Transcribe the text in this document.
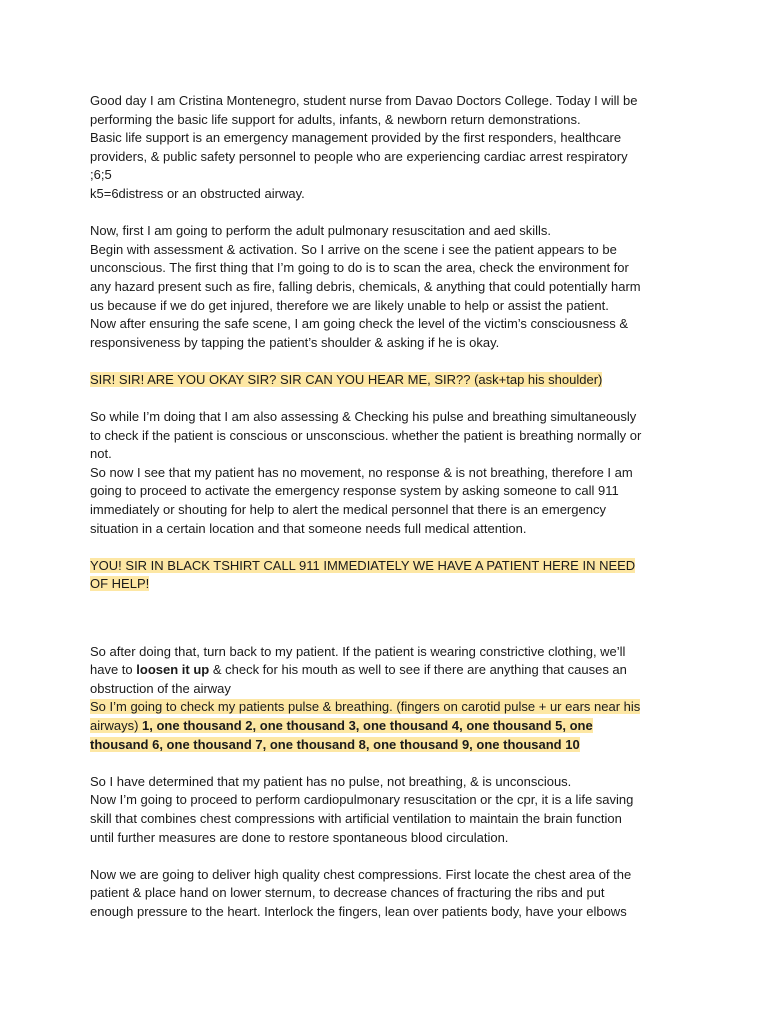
Good day I am Cristina Montenegro, student nurse from Davao Doctors College. Today I will be
performing the basic life support for adults, infants, & newborn return demonstrations.
Basic life support is an emergency management provided by the first responders, healthcare
providers, & public safety personnel to people who are experiencing cardiac arrest respiratory
;6;5
k5=6distress or an obstructed airway.
Now, first I am going to perform the adult pulmonary resuscitation and aed skills.
Begin with assessment & activation. So I arrive on the scene i see the patient appears to be
unconscious. The first thing that I’m going to do is to scan the area, check the environment for
any hazard present such as fire, falling debris, chemicals, & anything that could potentially harm
us because if we do get injured, therefore we are likely unable to help or assist the patient.
Now after ensuring the safe scene, I am going check the level of the victim’s consciousness &
responsiveness by tapping the patient’s shoulder & asking if he is okay.
SIR! SIR! ARE YOU OKAY SIR? SIR CAN YOU HEAR ME, SIR?? (ask+tap his shoulder)
So while I’m doing that I am also assessing & Checking his pulse and breathing simultaneously
to check if the patient is conscious or unsconscious. whether the patient is breathing normally or
not.
So now I see that my patient has no movement, no response & is not breathing, therefore I am
going to proceed to activate the emergency response system by asking someone to call 911
immediately or shouting for help to alert the medical personnel that there is an emergency
situation in a certain location and that someone needs full medical attention.
YOU! SIR IN BLACK TSHIRT CALL 911 IMMEDIATELY WE HAVE A PATIENT HERE IN NEED
OF HELP!
So after doing that, turn back to my patient. If the patient is wearing constrictive clothing, we’ll
have to loosen it up & check for his mouth as well to see if there are anything that causes an
obstruction of the airway
So I’m going to check my patients pulse & breathing. (fingers on carotid pulse + ur ears near his
airways) 1, one thousand 2, one thousand 3, one thousand 4, one thousand 5, one
thousand 6, one thousand 7, one thousand 8, one thousand 9, one thousand 10
So I have determined that my patient has no pulse, not breathing, & is unconscious.
Now I’m going to proceed to perform cardiopulmonary resuscitation or the cpr, it is a life saving
skill that combines chest compressions with artificial ventilation to maintain the brain function
until further measures are done to restore spontaneous blood circulation.
Now we are going to deliver high quality chest compressions. First locate the chest area of the
patient & place hand on lower sternum, to decrease chances of fracturing the ribs and put
enough pressure to the heart. Interlock the fingers, lean over patients body, have your elbows
